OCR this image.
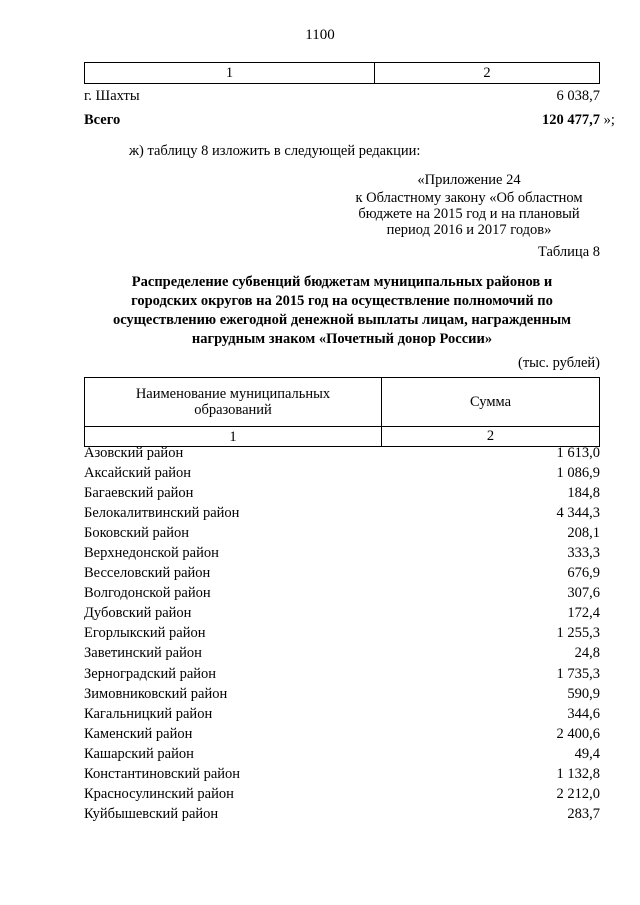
1100
1	2
г. Шахты	6 038,7
Всего	120 477,7
»;
ж) таблицу 8 изложить в следующей редакции:
«Приложение 24
к Областному закону «Об областном
бюджете на 2015 год и на плановый
период 2016 и 2017 годов»
Таблица 8
Распределение субвенций бюджетам муниципальных районов и
городских округов на 2015 год на осуществление полномочий по
осуществлению ежегодной денежной выплаты лицам, награжденным
нагрудным знаком «Почетный донор России»
(тыс. рублей)
Наименование муниципальных
образований
Сумма
1	2
Азовский район	1 613,0
Аксайский район	1 086,9
Багаевский район	184,8
Белокалитвинский район	4 344,3
Боковский район	208,1
Верхнедонской район	333,3
Весселовский район	676,9
Волгодонской район	307,6
Дубовский район	172,4
Егорлыкский район	1 255,3
Заветинский район	24,8
Зерноградский район	1 735,3
Зимовниковский район	590,9
Кагальницкий район	344,6
Каменский район	2 400,6
Кашарский район	49,4
Константиновский район	1 132,8
Красносулинский район	2 212,0
Куйбышевский район	283,7
